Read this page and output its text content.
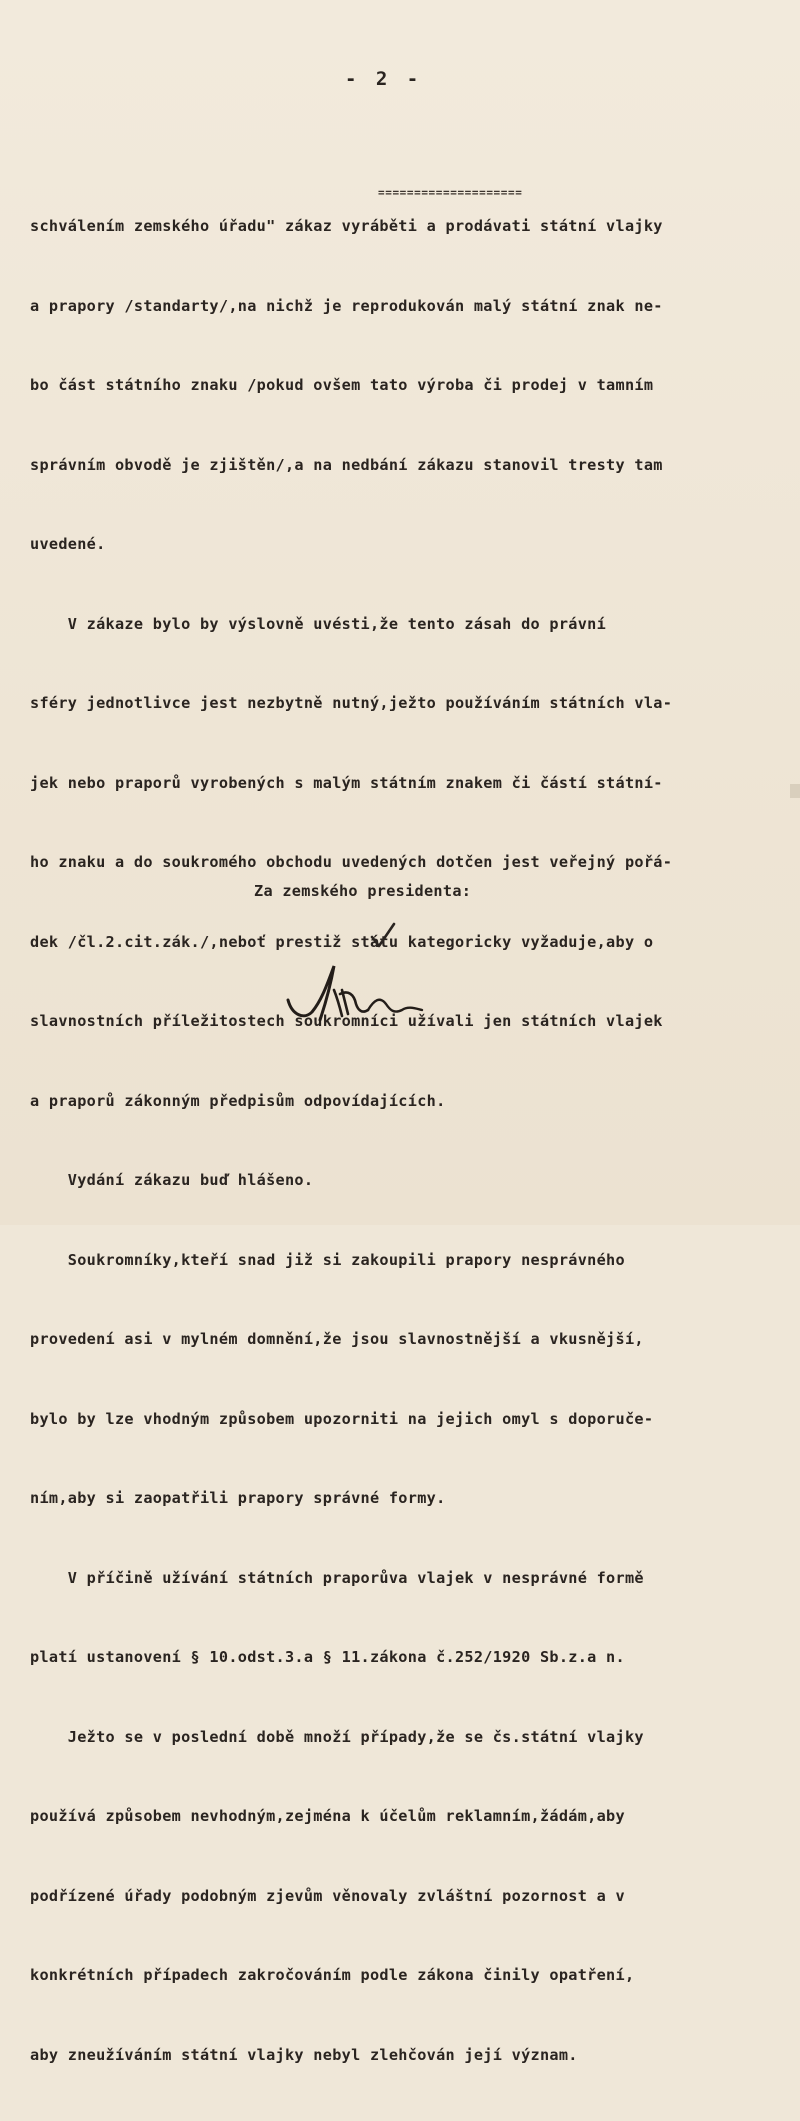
- 2 -

schválením zemského úřadu" zákaz vyráběti a prodávati státní vlajky

a prapory /standarty/,na nichž je reprodukován malý státní znak ne-

bo část státního znaku /pokud ovšem tato výroba či prodej v tamním

správním obvodě je zjištěn/,a na nedbání zákazu stanovil tresty tam

uvedené.

V zákaze bylo by výslovně uvésti,že tento zásah do právní

sféry jednotlivce jest nezbytně nutný,ježto používáním státních vla-

jek nebo praporů vyrobených s malým státním znakem či částí státní-

ho znaku a do soukromého obchodu uvedených dotčen jest veřejný pořá-

dek /čl.2.cit.zák./,neboť prestiž státu kategoricky vyžaduje,aby o

slavnostních příležitostech soukromníci užívali jen státních vlajek

a praporů zákonným předpisům odpovídajících.

Vydání zákazu buď hlášeno.

Soukromníky,kteří snad již si zakoupili prapory nesprávného

provedení asi v mylném domnění,že jsou slavnostnější a vkusnější,

bylo by lze vhodným způsobem upozorniti na jejich omyl s doporuče-

ním,aby si zaopatřili prapory správné formy.

V příčině užívání státních praporůva vlajek v nesprávné formě

platí ustanovení § 10.odst.3.a § 11.zákona č.252/1920 Sb.z.a n.

Ježto se v poslední době množí případy,že se čs.státní vlajky

používá způsobem nevhodným,zejména k účelům reklamním,žádám,aby

podřízené úřady podobným zjevům věnovaly zvláštní pozornost a v

konkrétních případech zakročováním podle zákona činily opatření,

aby zneužíváním státní vlajky nebyl zlehčován její význam.

====================
Za zemského presidenta:
